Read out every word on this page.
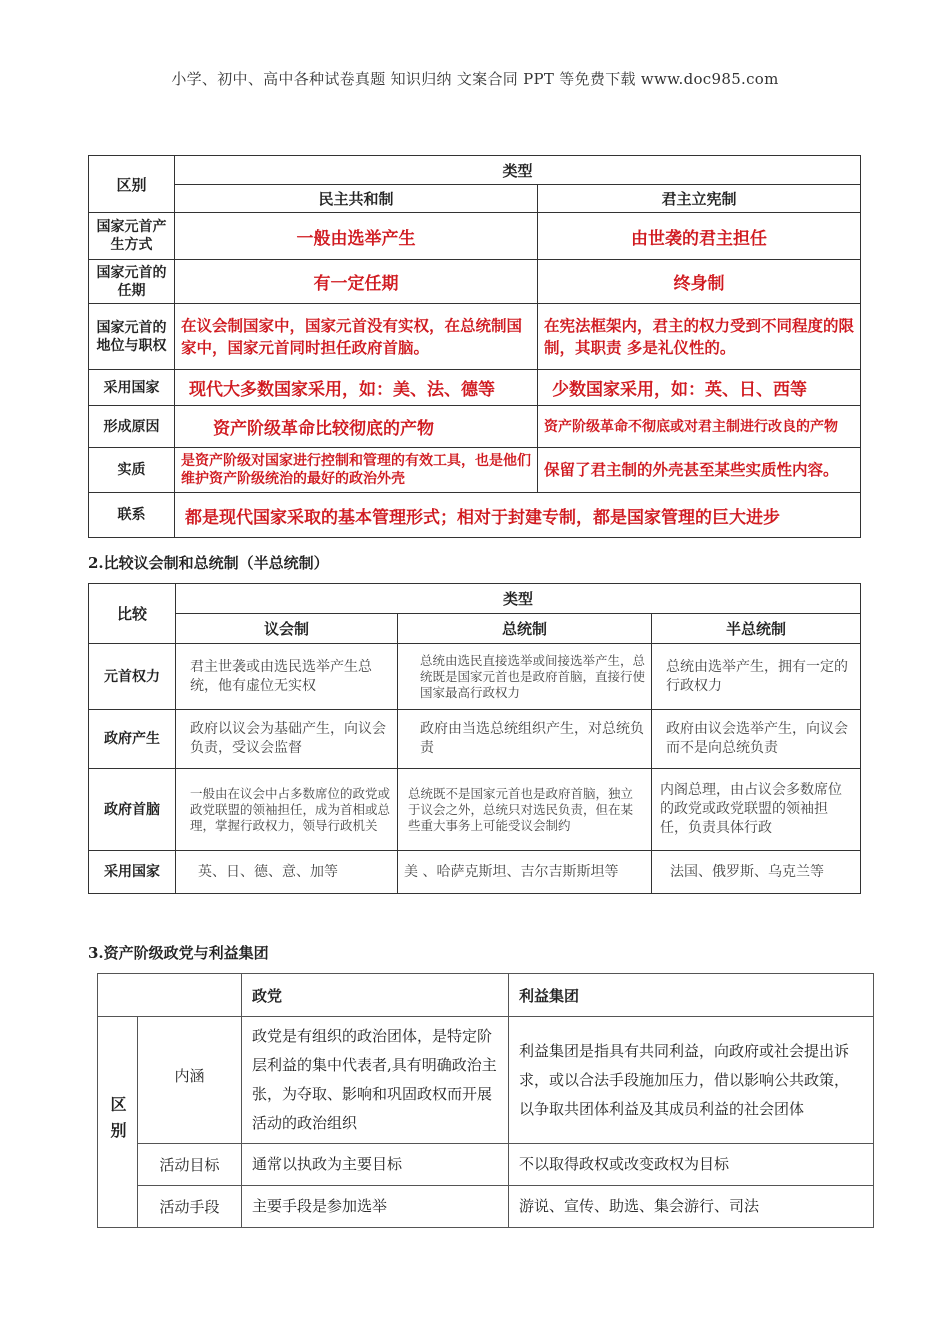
小学、初中、高中各种试卷真题 知识归纳 文案合同 PPT 等免费下载 www.doc985.com
区别	类型	
	民主共和制	君主立宪制
国家元首产生方式	一般由选举产生	由世袭的君主担任
国家元首的任期	有一定任期	终身制
国家元首的地位与职权	在议会制国家中，国家元首没有实权，在总统制国家中，国家元首同时担任政府首脑。	在宪法框架内，君主的权力受到不同程度的限制，其职责 多是礼仪性的。
采用国家	现代大多数国家采用，如：美、法、德等	少数国家采用，如：英、日、西等
形成原因	资产阶级革命比较彻底的产物	资产阶级革命不彻底或对君主制进行改良的产物
实质	是资产阶级对国家进行控制和管理的有效工具，也是他们维护资产阶级统治的最好的政治外壳	保留了君主制的外壳甚至某些实质性内容。
联系	都是现代国家采取的基本管理形式；相对于封建专制，都是国家管理的巨大进步	
2.比较议会制和总统制（半总统制）
比较	类型		
	议会制	总统制	半总统制
元首权力	君主世袭或由选民选举产生总统，他有虚位无实权	总统由选民直接选举或间接选举产生，总统既是国家元首也是政府首脑，直接行使国家最高行政权力	总统由选举产生，拥有一定的行政权力
政府产生	政府以议会为基础产生，向议会负责，受议会监督	政府由当选总统组织产生，对总统负责	政府由议会选举产生，向议会而不是向总统负责
政府首脑	一般由在议会中占多数席位的政党或政党联盟的领袖担任，成为首相或总理，掌握行政权力，领导行政机关	总统既不是国家元首也是政府首脑，独立于议会之外，总统只对选民负责，但在某些重大事务上可能受议会制约	内阁总理，由占议会多数席位的政党或政党联盟的领袖担任，负责具体行政
采用国家	英、日、德、意、加等	美 、哈萨克斯坦、吉尔吉斯斯坦等	法国、俄罗斯、乌克兰等
3.资产阶级政党与利益集团
		政党	利益集团
区别	内涵	政党是有组织的政治团体，是特定阶层利益的集中代表者,具有明确政治主张，为夺取、影响和巩固政权而开展活动的政治组织	利益集团是指具有共同利益，向政府或社会提出诉求，或以合法手段施加压力，借以影响公共政策，以争取共团体利益及其成员利益的社会团体
	活动目标	通常以执政为主要目标	不以取得政权或改变政权为目标
	活动手段	主要手段是参加选举	游说、宣传、助选、集会游行、司法
